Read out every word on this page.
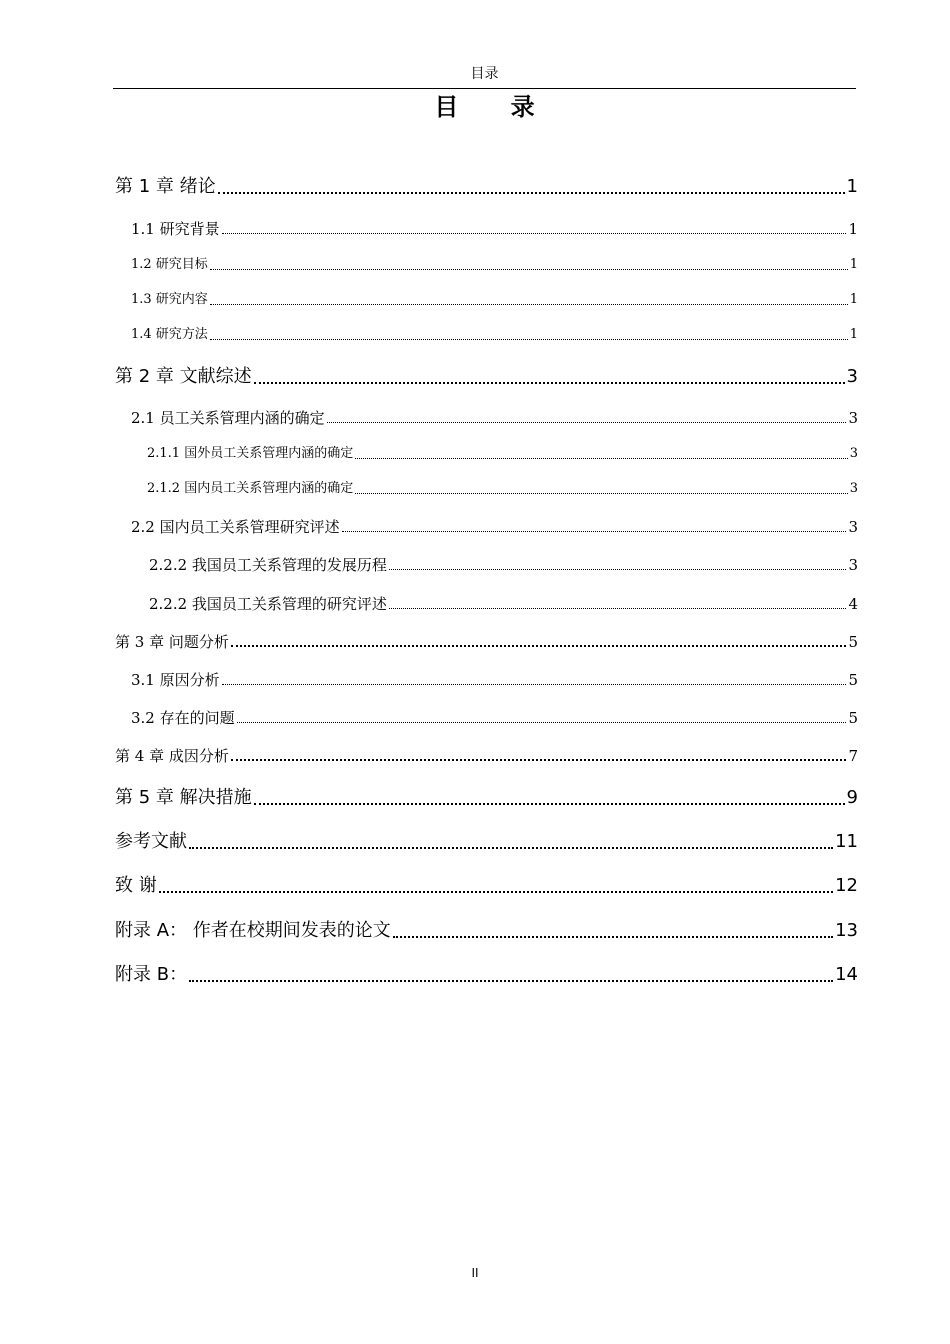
目录
目 录
第 1 章 绪论	1
1.1 研究背景	1
1.2 研究目标	1
1.3 研究内容	1
1.4 研究方法	1
第 2 章 文献综述	3
2.1 员工关系管理内涵的确定	3
2.1.1 国外员工关系管理内涵的确定	3
2.1.2 国内员工关系管理内涵的确定	3
2.2 国内员工关系管理研究评述	3
2.2.2 我国员工关系管理的发展历程	3
2.2.2 我国员工关系管理的研究评述	4
第 3 章 问题分析	5
3.1 原因分析	5
3.2 存在的问题	5
第 4 章 成因分析	7
第 5 章 解决措施	9
参考文献	11
致 谢	12
附录 A： 作者在校期间发表的论文	13
附录 B：	14
II
